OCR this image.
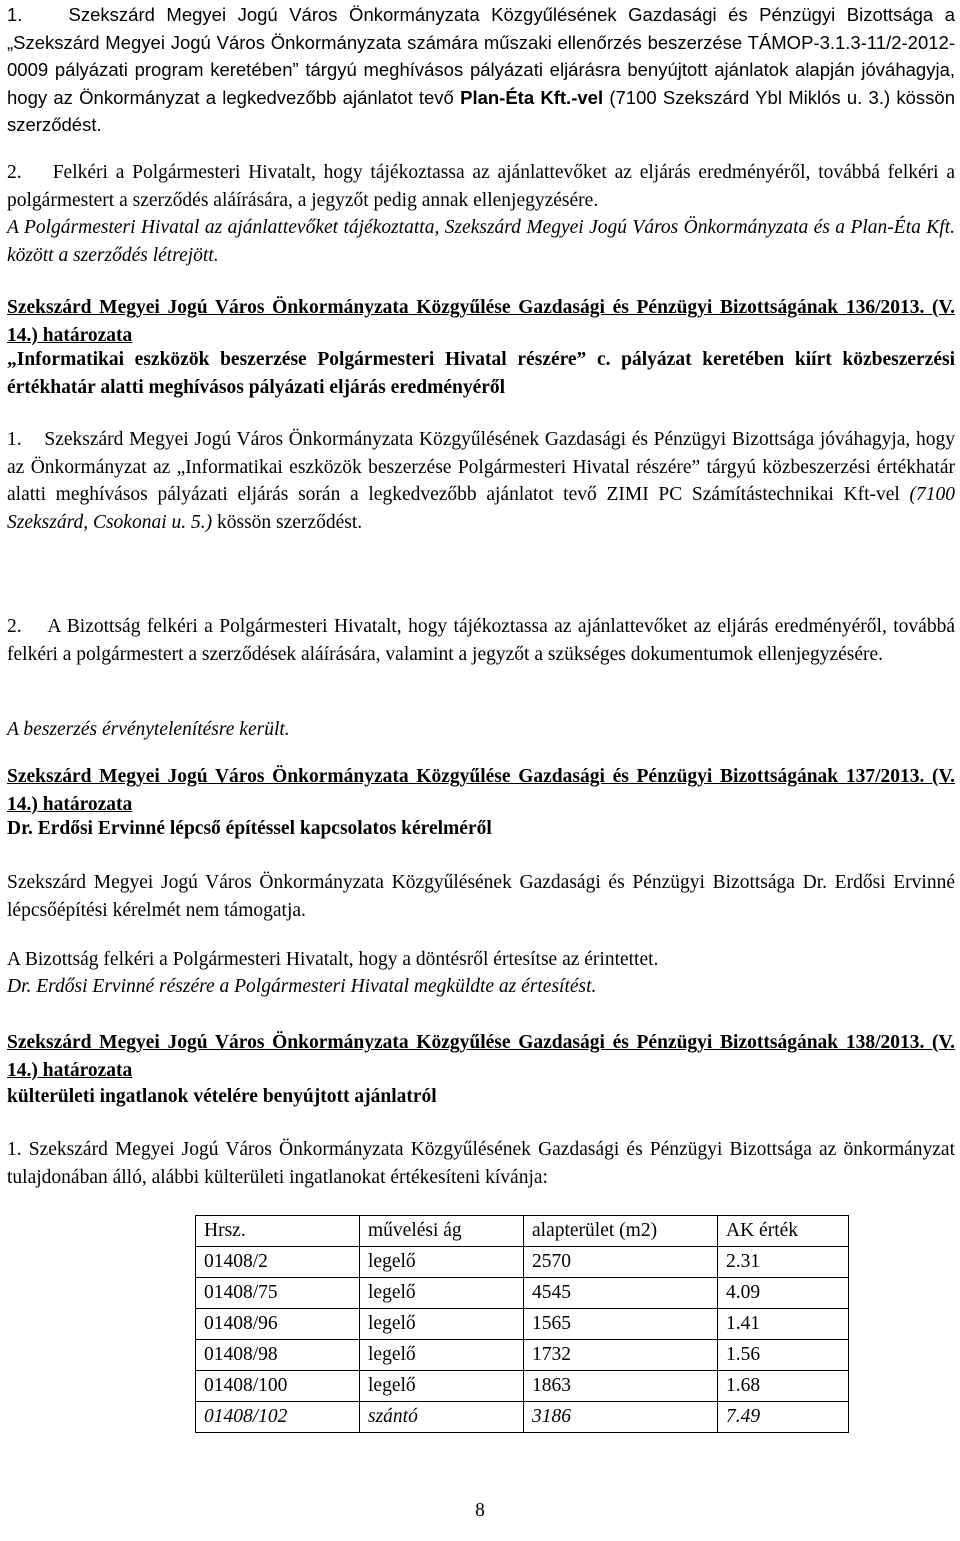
1. Szekszárd Megyei Jogú Város Önkormányzata Közgyűlésének Gazdasági és Pénzügyi Bizottsága a „Szekszárd Megyei Jogú Város Önkormányzata számára műszaki ellenőrzés beszerzése TÁMOP-3.1.3-11/2-2012-0009 pályázati program keretében” tárgyú meghívásos pályázati eljárásra benyújtott ajánlatok alapján jóváhagyja, hogy az Önkormányzat a legkedvezőbb ajánlatot tevő Plan-Éta Kft.-vel (7100 Szekszárd Ybl Miklós u. 3.) kössön szerződést.

2. Felkéri a Polgármesteri Hivatalt, hogy tájékoztassa az ajánlattevőket az eljárás eredményéről, továbbá felkéri a polgármestert a szerződés aláírására, a jegyzőt pedig annak ellenjegyzésére.

A Polgármesteri Hivatal az ajánlattevőket tájékoztatta, Szekszárd Megyei Jogú Város Önkormányzata és a Plan-Éta Kft. között a szerződés létrejött.

Szekszárd Megyei Jogú Város Önkormányzata Közgyűlése Gazdasági és Pénzügyi Bizottságának 136/2013. (V. 14.) határozata

„Informatikai eszközök beszerzése Polgármesteri Hivatal részére” c. pályázat keretében kiírt közbeszerzési értékhatár alatti meghívásos pályázati eljárás eredményéről

1. Szekszárd Megyei Jogú Város Önkormányzata Közgyűlésének Gazdasági és Pénzügyi Bizottsága jóváhagyja, hogy az Önkormányzat az „Informatikai eszközök beszerzése Polgármesteri Hivatal részére” tárgyú közbeszerzési értékhatár alatti meghívásos pályázati eljárás során a legkedvezőbb ajánlatot tevő ZIMI PC Számítástechnikai Kft-vel (7100 Szekszárd, Csokonai u. 5.) kössön szerződést.

2. A Bizottság felkéri a Polgármesteri Hivatalt, hogy tájékoztassa az ajánlattevőket az eljárás eredményéről, továbbá felkéri a polgármestert a szerződések aláírására, valamint a jegyzőt a szükséges dokumentumok ellenjegyzésére.

A beszerzés érvénytelenítésre került.

Szekszárd Megyei Jogú Város Önkormányzata Közgyűlése Gazdasági és Pénzügyi Bizottságának 137/2013. (V. 14.) határozata

Dr. Erdősi Ervinné lépcső építéssel kapcsolatos kérelméről

Szekszárd Megyei Jogú Város Önkormányzata Közgyűlésének Gazdasági és Pénzügyi Bizottsága Dr. Erdősi Ervinné lépcsőépítési kérelmét nem támogatja.

A Bizottság felkéri a Polgármesteri Hivatalt, hogy a döntésről értesítse az érintettet.

Dr. Erdősi Ervinné részére a Polgármesteri Hivatal megküldte az értesítést.

Szekszárd Megyei Jogú Város Önkormányzata Közgyűlése Gazdasági és Pénzügyi Bizottságának 138/2013. (V. 14.) határozata

külterületi ingatlanok vételére benyújtott ajánlatról

1. Szekszárd Megyei Jogú Város Önkormányzata Közgyűlésének Gazdasági és Pénzügyi Bizottsága az önkormányzat tulajdonában álló, alábbi külterületi ingatlanokat értékesíteni kívánja:

Hrsz.	művelési ág	alapterület (m2)	AK érték
01408/2	legelő	2570	2.31
01408/75	legelő	4545	4.09
01408/96	legelő	1565	1.41
01408/98	legelő	1732	1.56
01408/100	legelő	1863	1.68
01408/102	szántó	3186	7.49
8
